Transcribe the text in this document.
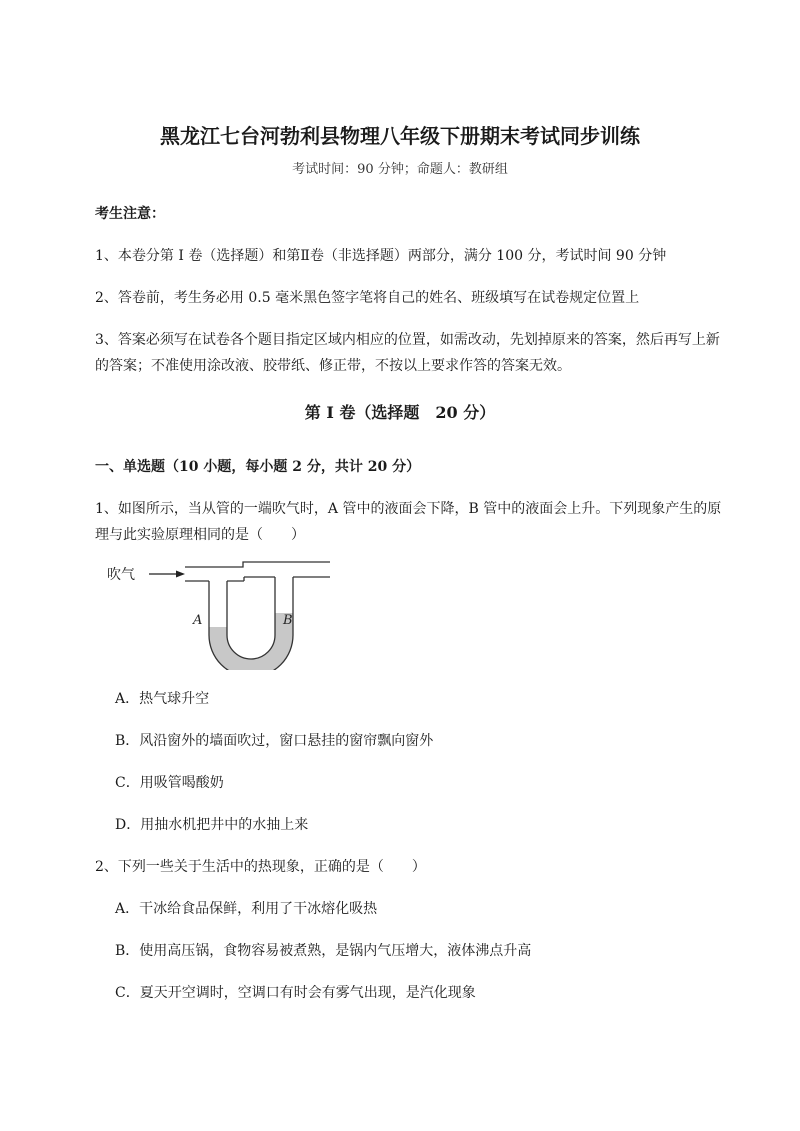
黑龙江七台河勃利县物理八年级下册期末考试同步训练
考试时间：90 分钟；命题人：教研组
考生注意：
1、本卷分第 I 卷（选择题）和第Ⅱ卷（非选择题）两部分，满分 100 分，考试时间 90 分钟
2、答卷前，考生务必用 0.5 毫米黑色签字笔将自己的姓名、班级填写在试卷规定位置上
3、答案必须写在试卷各个题目指定区域内相应的位置，如需改动，先划掉原来的答案，然后再写上新
的答案；不准使用涂改液、胶带纸、修正带，不按以上要求作答的答案无效。
第 I 卷（选择题　20 分）
一、单选题（10 小题，每小题 2 分，共计 20 分）
1、如图所示，当从管的一端吹气时，A 管中的液面会下降，B 管中的液面会上升。下列现象产生的原
理与此实验原理相同的是（　　）
吹气
A	B
A．热气球升空
B．风沿窗外的墙面吹过，窗口悬挂的窗帘飘向窗外
C．用吸管喝酸奶
D．用抽水机把井中的水抽上来
2、下列一些关于生活中的热现象，正确的是（　　）
A．干冰给食品保鲜，利用了干冰熔化吸热
B．使用高压锅，食物容易被煮熟，是锅内气压增大，液体沸点升高
C．夏天开空调时，空调口有时会有雾气出现，是汽化现象
